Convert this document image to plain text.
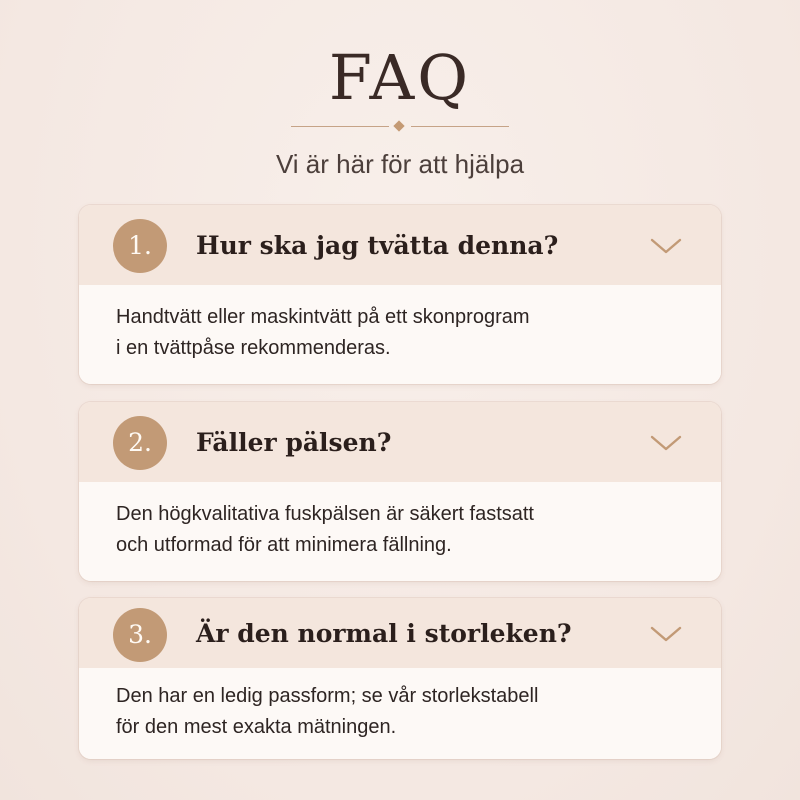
FAQ
Vi är här för att hjälpa
1.	Hur ska jag tvätta denna?
Handtvätt eller maskintvätt på ett skonprogram
i en tvättpåse rekommenderas.
2.	Fäller pälsen?
Den högkvalitativa fuskpälsen är säkert fastsatt
och utformad för att minimera fällning.
3.	Är den normal i storleken?
Den har en ledig passform; se vår storlekstabell
för den mest exakta mätningen.
